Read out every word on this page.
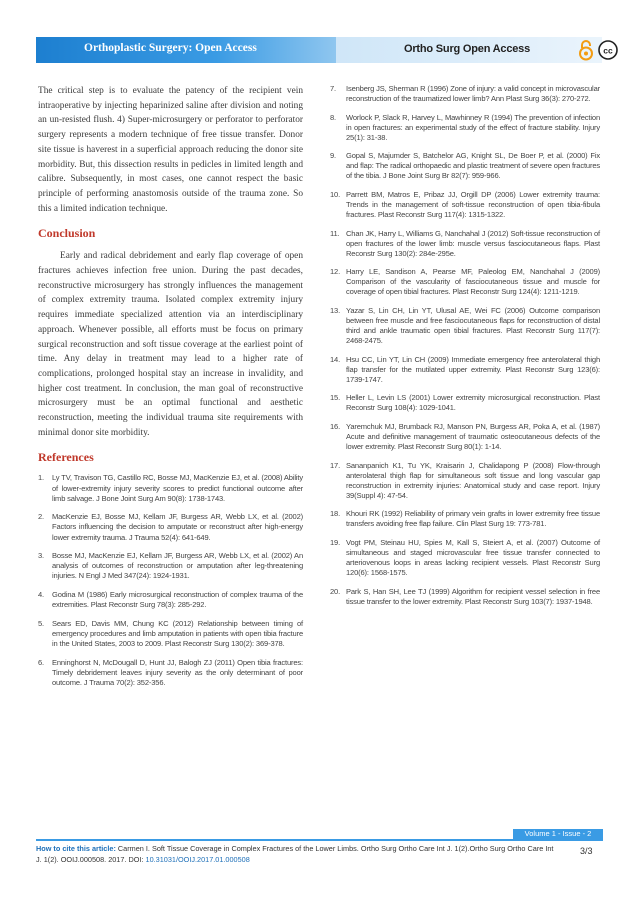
Orthoplastic Surgery: Open Access	Ortho Surg Open Access	cc

The critical step is to evaluate the patency of the recipient vein intraoperative by injecting heparinized saline after division and noting an un-resisted flush. 4) Super-microsurgery or perforator to perforator surgery represents a modern technique of free tissue transfer. Donor site tissue is haverest in a superficial approach reducing the donor site morbidity. But, this dissection results in pedicles in limited length and calibre. Subsequently, in most cases, one cannot respect the basic principle of performing anastomosis outside of the trauma zone. So this a limited indication technique.

Conclusion

Early and radical debridement and early flap coverage of open fractures achieves infection free union. During the past decades, reconstructive microsurgery has strongly influences the management of complex extremity trauma. Isolated complex extremity injury requires immediate specialized attention via an interdisciplinary approach. Whenever possible, all efforts must be focus on primary surgical reconstruction and soft tissue coverage at the earliest point of time. Any delay in treatment may lead to a higher rate of complications, prolonged hospital stay an increase in invalidity, and higher cost treatment. In conclusion, the man goal of reconstructive microsurgery must be an optimal functional and aesthetic reconstruction, meeting the individual trauma site requirements with minimal donor site morbidity.

References
1. Ly TV, Travison TG, Castillo RC, Bosse MJ, MacKenzie EJ, et al. (2008) Ability of lower-extremity injury severity scores to predict functional outcome after limb salvage. J Bone Joint Surg Am 90(8): 1738-1743.
2. MacKenzie EJ, Bosse MJ, Kellam JF, Burgess AR, Webb LX, et al. (2002) Factors influencing the decision to amputate or reconstruct after high-energy lower extremity trauma. J Trauma 52(4): 641-649.
3. Bosse MJ, MacKenzie EJ, Kellam JF, Burgess AR, Webb LX, et al. (2002) An analysis of outcomes of reconstruction or amputation after leg-threatening injuries. N Engl J Med 347(24): 1924-1931.
4. Godina M (1986) Early microsurgical reconstruction of complex trauma of the extremities. Plast Reconstr Surg 78(3): 285-292.
5. Sears ED, Davis MM, Chung KC (2012) Relationship between timing of emergency procedures and limb amputation in patients with open tibia fracture in the United States, 2003 to 2009. Plast Reconstr Surg 130(2): 369-378.
6. Enninghorst N, McDougall D, Hunt JJ, Balogh ZJ (2011) Open tibia fractures: Timely debridement leaves injury severity as the only determinant of poor outcome. J Trauma 70(2): 352-356.
7. Isenberg JS, Sherman R (1996) Zone of injury: a valid concept in microvascular reconstruction of the traumatized lower limb? Ann Plast Surg 36(3): 270-272.
8. Worlock P, Slack R, Harvey L, Mawhinney R (1994) The prevention of infection in open fractures: an experimental study of the effect of fracture stability. Injury 25(1): 31-38.
9. Gopal S, Majumder S, Batchelor AG, Knight SL, De Boer P, et al. (2000) Fix and flap: The radical orthopaedic and plastic treatment of severe open fractures of the tibia. J Bone Joint Surg Br 82(7): 959-966.
10. Parrett BM, Matros E, Pribaz JJ, Orgill DP (2006) Lower extremity trauma: Trends in the management of soft-tissue reconstruction of open tibia-fibula fractures. Plast Reconstr Surg 117(4): 1315-1322.
11. Chan JK, Harry L, Williams G, Nanchahal J (2012) Soft-tissue reconstruction of open fractures of the lower limb: muscle versus fasciocutaneous flaps. Plast Reconstr Surg 130(2): 284e-295e.
12. Harry LE, Sandison A, Pearse MF, Paleolog EM, Nanchahal J (2009) Comparison of the vascularity of fasciocutaneous tissue and muscle for coverage of open tibial fractures. Plast Reconstr Surg 124(4): 1211-1219.
13. Yazar S, Lin CH, Lin YT, Ulusal AE, Wei FC (2006) Outcome comparison between free muscle and free fasciocutaneous flaps for reconstruction of distal third and ankle traumatic open tibial fractures. Plast Reconstr Surg 117(7): 2468-2475.
14. Hsu CC, Lin YT, Lin CH (2009) Immediate emergency free anterolateral thigh flap transfer for the mutilated upper extremity. Plast Reconstr Surg 123(6): 1739-1747.
15. Heller L, Levin LS (2001) Lower extremity microsurgical reconstruction. Plast Reconstr Surg 108(4): 1029-1041.
16. Yaremchuk MJ, Brumback RJ, Manson PN, Burgess AR, Poka A, et al. (1987) Acute and definitive management of traumatic osteocutaneous defects of the lower extremity. Plast Reconstr Surg 80(1): 1-14.
17. Sananpanich K1, Tu YK, Kraisarin J, Chalidapong P (2008) Flow-through anterolateral thigh flap for simultaneous soft tissue and long vascular gap reconstruction in extremity injuries: Anatomical study and case report. Injury 39(Suppl 4): 47-54.
18. Khouri RK (1992) Reliability of primary vein grafts in lower extremity free tissue transfers avoiding free flap failure. Clin Plast Surg 19: 773-781.
19. Vogt PM, Steinau HU, Spies M, Kall S, Steiert A, et al. (2007) Outcome of simultaneous and staged microvascular free tissue transfer connected to arteriovenous loops in areas lacking recipient vessels. Plast Reconstr Surg 120(6): 1568-1575.
20. Park S, Han SH, Lee TJ (1999) Algorithm for recipient vessel selection in free tissue transfer to the lower extremity. Plast Reconstr Surg 103(7): 1937-1948.
Volume 1 - Issue - 2
How to cite this article: Carmen I. Soft Tissue Coverage in Complex Fractures of the Lower Limbs. Ortho Surg Ortho Care Int J. 1(2).Ortho Surg Ortho Care Int J. 1(2). OOIJ.000508. 2017. DOI: 10.31031/OOIJ.2017.01.000508
3/3
